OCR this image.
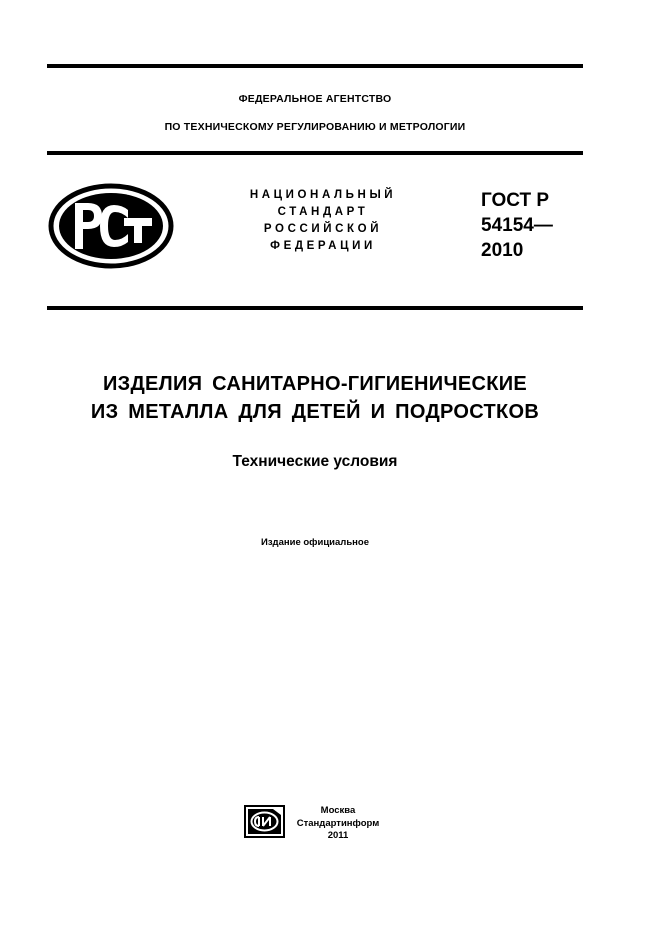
ФЕДЕРАЛЬНОЕ АГЕНТСТВО
ПО ТЕХНИЧЕСКОМУ РЕГУЛИРОВАНИЮ И МЕТРОЛОГИИ
НАЦИОНАЛЬНЫЙ
СТАНДАРТ
РОССИЙСКОЙ
ФЕДЕРАЦИИ
ГОСТ Р
54154—
2010
ИЗДЕЛИЯ САНИТАРНО-ГИГИЕНИЧЕСКИЕ
ИЗ МЕТАЛЛА ДЛЯ ДЕТЕЙ И ПОДРОСТКОВ
Технические условия
Издание официальное
Москва
Стандартинформ
2011
